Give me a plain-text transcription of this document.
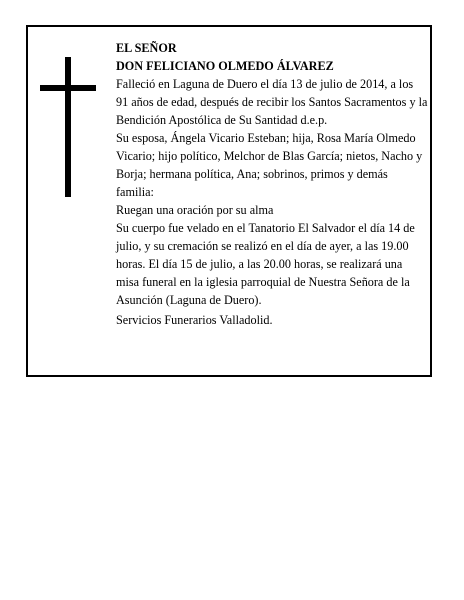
EL SEÑOR

DON FELICIANO OLMEDO ÁLVAREZ

Falleció en Laguna de Duero el día 13 de julio de 2014, a los 91 años de edad, después de recibir los Santos Sacramentos y la Bendición Apostólica de Su Santidad d.e.p.

Su esposa, Ángela Vicario Esteban; hija, Rosa María Olmedo Vicario; hijo político, Melchor de Blas García; nietos, Nacho y Borja; hermana política, Ana; sobrinos, primos y demás familia:

Ruegan una oración por su alma

Su cuerpo fue velado en el Tanatorio El Salvador el día 14 de julio, y su cremación se realizó en el día de ayer, a las 19.00 horas. El día 15 de julio, a las 20.00 horas, se realizará una misa funeral en la iglesia parroquial de Nuestra Señora de la Asunción (Laguna de Duero).

Servicios Funerarios Valladolid.
